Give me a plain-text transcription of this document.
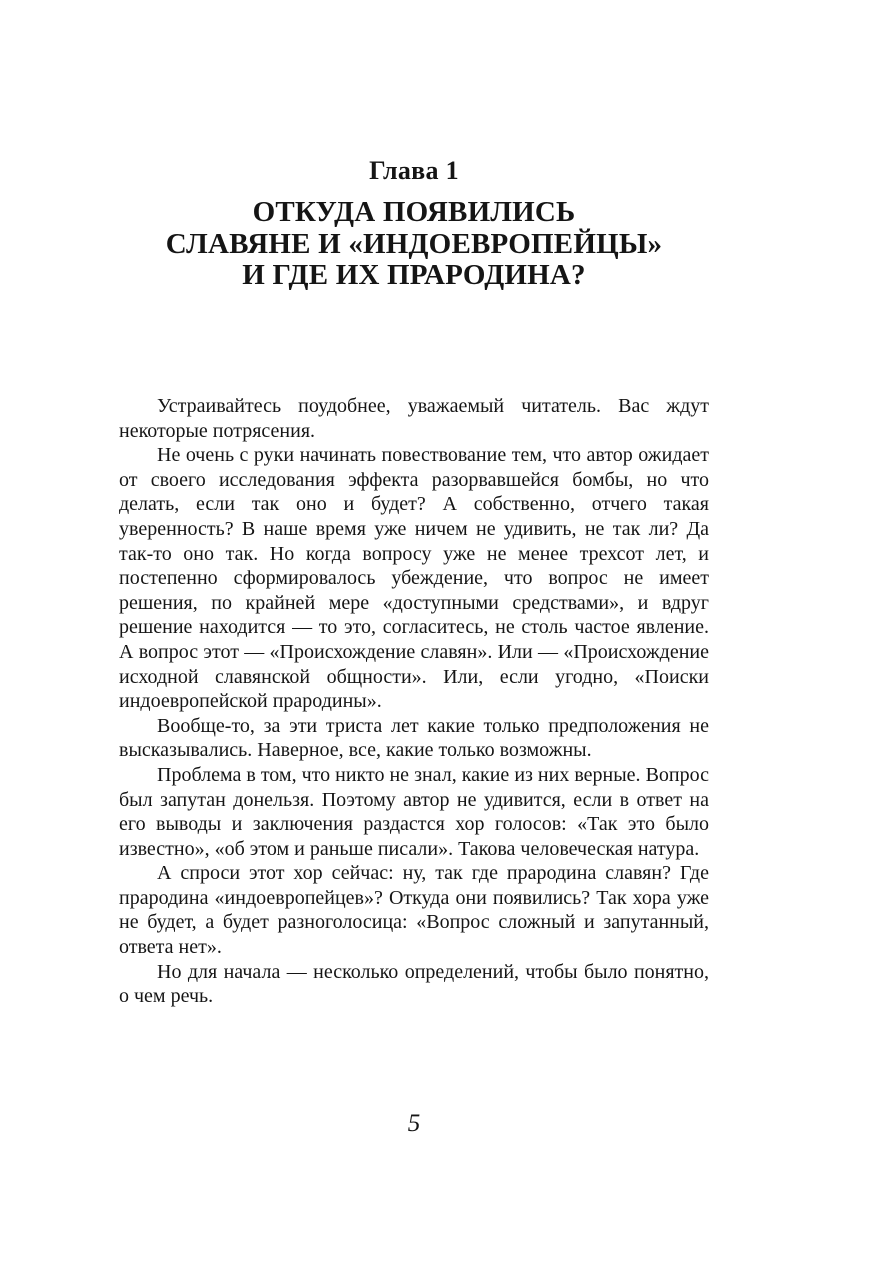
Глава 1
ОТКУДА ПОЯВИЛИСЬ
СЛАВЯНЕ И «ИНДОЕВРОПЕЙЦЫ»
И ГДЕ ИХ ПРАРОДИНА?

Устраивайтесь поудобнее, уважаемый читатель. Вас ждут некоторые потрясения.

Не очень с руки начинать повествование тем, что автор ожидает от своего исследования эффекта разорвавшейся бомбы, но что делать, если так оно и будет? А собственно, отчего такая уверенность? В наше время уже ничем не удивить, не так ли? Да так-то оно так. Но когда вопросу уже не менее трехсот лет, и постепенно сформировалось убеждение, что вопрос не имеет решения, по крайней мере «доступными средствами», и вдруг решение находится — то это, согласитесь, не столь частое явление. А вопрос этот — «Происхождение славян». Или — «Происхождение исходной славянской общности». Или, если угодно, «Поиски индоевропейской прародины».

Вообще-то, за эти триста лет какие только предположения не высказывались. Наверное, все, какие только возможны.

Проблема в том, что никто не знал, какие из них верные. Вопрос был запутан донельзя. Поэтому автор не удивится, если в ответ на его выводы и заключения раздастся хор голосов: «Так это было известно», «об этом и раньше писали». Такова человеческая натура.

А спроси этот хор сейчас: ну, так где прародина славян? Где прародина «индоевропейцев»? Откуда они появились? Так хора уже не будет, а будет разноголосица: «Вопрос сложный и запутанный, ответа нет».

Но для начала — несколько определений, чтобы было понятно, о чем речь.

5
